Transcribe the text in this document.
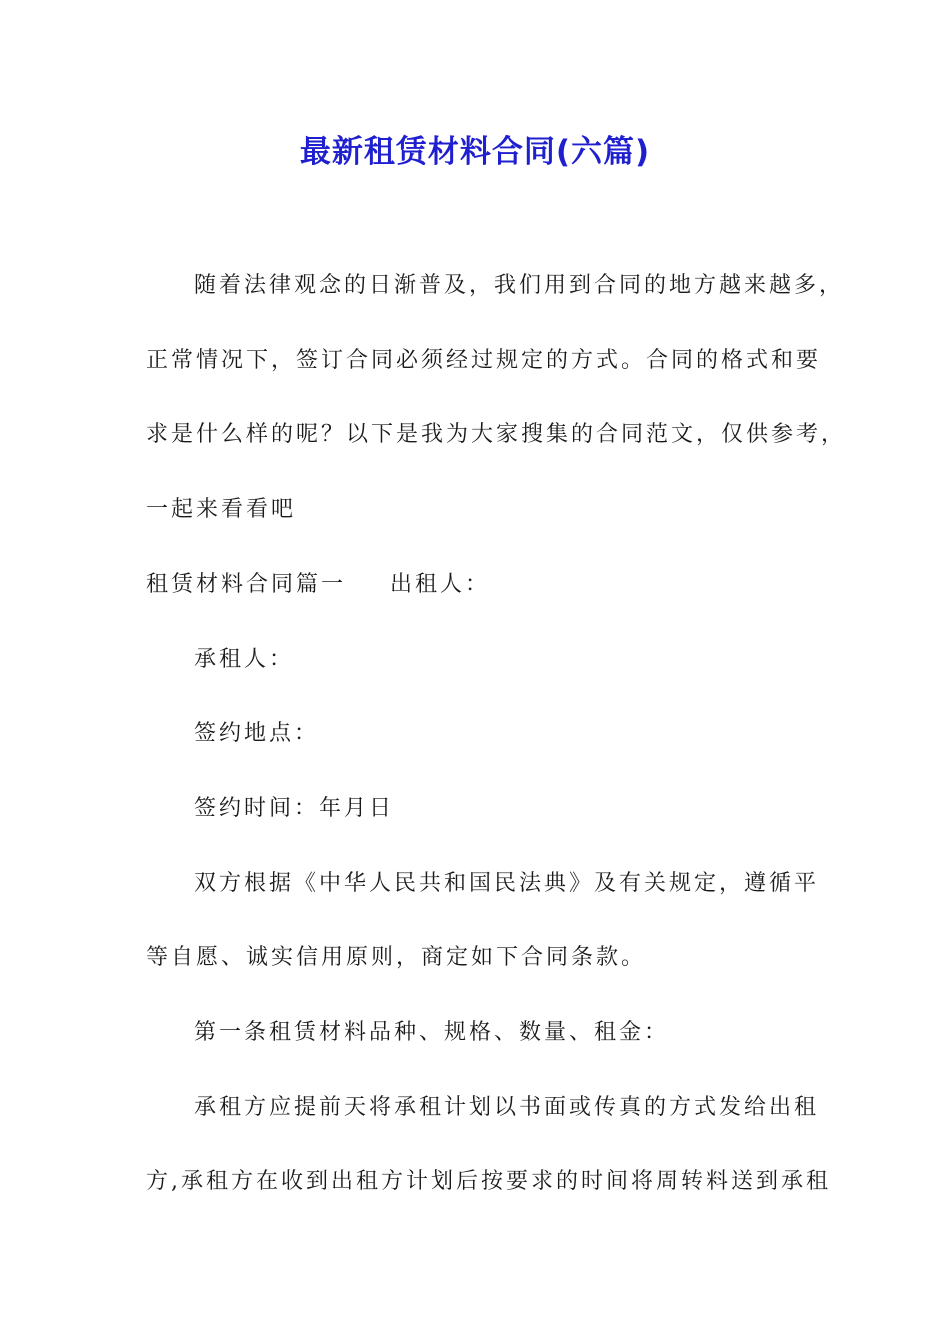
最新租赁材料合同(六篇)
随着法律观念的日渐普及，我们用到合同的地方越来越多，
正常情况下，签订合同必须经过规定的方式。合同的格式和要
求是什么样的呢？以下是我为大家搜集的合同范文，仅供参考，
一起来看看吧
租赁材料合同篇一 出租人：
承租人：
签约地点：
签约时间：年月日
双方根据《中华人民共和国民法典》及有关规定，遵循平
等自愿、诚实信用原则，商定如下合同条款。
第一条租赁材料品种、规格、数量、租金：
承租方应提前天将承租计划以书面或传真的方式发给出租
方,承租方在收到出租方计划后按要求的时间将周转料送到承租
